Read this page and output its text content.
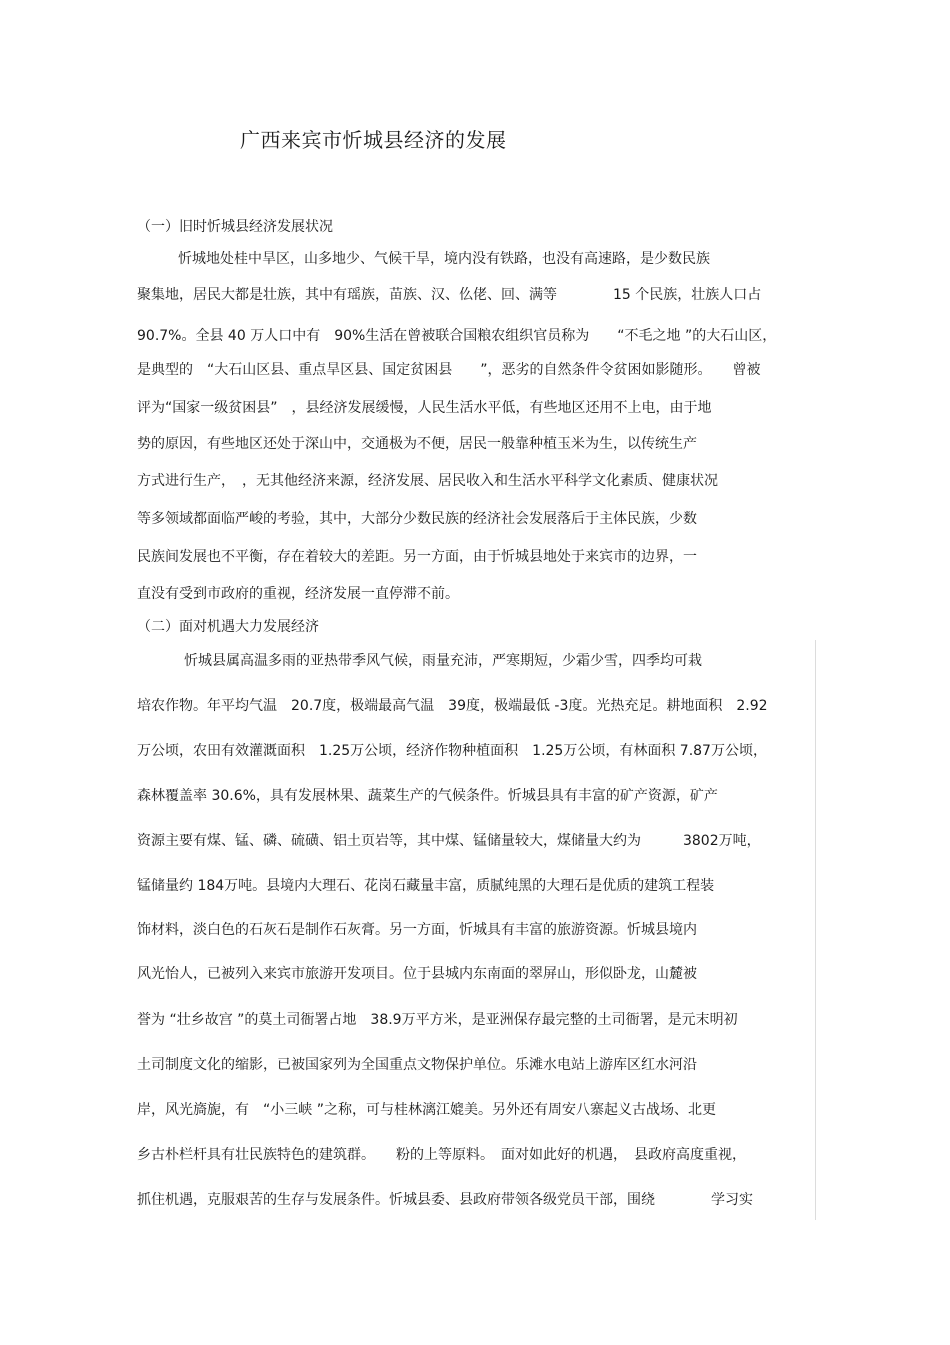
广西来宾市忻城县经济的发展
（一）旧时忻城县经济发展状况
忻城地处桂中旱区，山多地少、气候干旱，境内没有铁路，也没有高速路，是少数民族
聚集地，居民大都是壮族，其中有瑶族，苗族、汉、仫佬、回、满等　　　　15 个民族，壮族人口占
90.7%。全县 40 万人口中有　90%生活在曾被联合国粮农组织官员称为　　“不毛之地 ”的大石山区，
是典型的　“大石山区县、重点旱区县、国定贫困县　　”，恶劣的自然条件令贫困如影随形。　　曾被
评为“国家一级贫困县”　，县经济发展缓慢，人民生活水平低，有些地区还用不上电，由于地
势的原因，有些地区还处于深山中，交通极为不便，居民一般靠种植玉米为生，以传统生产
方式进行生产，　，无其他经济来源，经济发展、居民收入和生活水平科学文化素质、健康状况
等多领域都面临严峻的考验，其中，大部分少数民族的经济社会发展落后于主体民族，少数
民族间发展也不平衡，存在着较大的差距。另一方面，由于忻城县地处于来宾市的边界，一
直没有受到市政府的重视，经济发展一直停滞不前。
（二）面对机遇大力发展经济
忻城县属高温多雨的亚热带季风气候，雨量充沛，严寒期短，少霜少雪，四季均可栽
培农作物。年平均气温　20.7度，极端最高气温　39度，极端最低 -3度。光热充足。耕地面积　2.92
万公顷，农田有效灌溉面积　1.25万公顷，经济作物种植面积　1.25万公顷，有林面积 7.87万公顷，
森林覆盖率 30.6%，具有发展林果、蔬菜生产的气候条件。忻城县具有丰富的矿产资源，矿产
资源主要有煤、锰、磷、硫磺、铝土页岩等，其中煤、锰储量较大，煤储量大约为　　　3802万吨，
锰储量约 184万吨。县境内大理石、花岗石藏量丰富，质腻纯黑的大理石是优质的建筑工程装
饰材料，淡白色的石灰石是制作石灰膏。另一方面，忻城具有丰富的旅游资源。忻城县境内
风光怡人，已被列入来宾市旅游开发项目。位于县城内东南面的翠屏山，形似卧龙，山麓被
誉为 “壮乡故宫 ”的莫土司衙署占地　38.9万平方米，是亚洲保存最完整的土司衙署，是元末明初
土司制度文化的缩影，已被国家列为全国重点文物保护单位。乐滩水电站上游库区红水河沿
岸，风光旖旎，有　“小三峡 ”之称，可与桂林漓江媲美。另外还有周安八寨起义古战场、北更
乡古朴栏杆具有壮民族特色的建筑群。　　粉的上等原料。　面对如此好的机遇，　县政府高度重视，
抓住机遇，克服艰苦的生存与发展条件。忻城县委、县政府带领各级党员干部，围绕　　　　学习实
